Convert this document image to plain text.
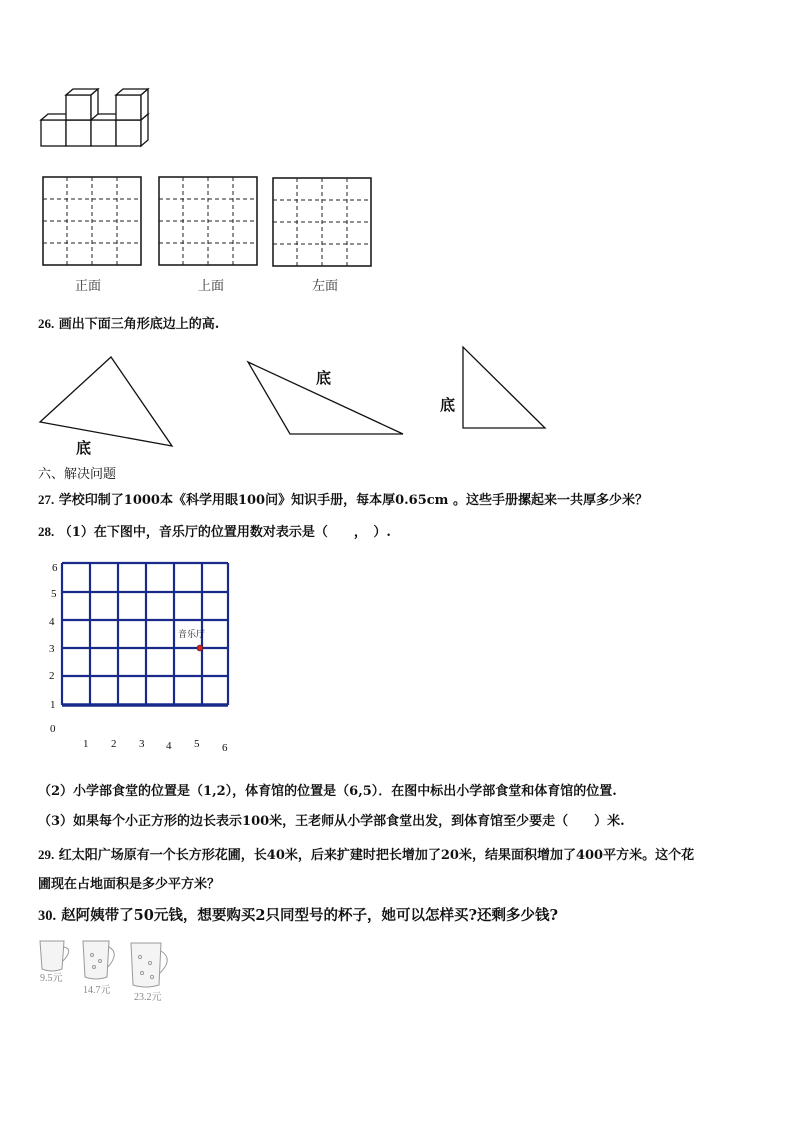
正面	上面	左面
26. 画出下面三角形底边上的高.
底
底
底
六、解决问题
27. 学校印制了1000本《科学用眼100问》知识手册，每本厚0.65cm 。这些手册摞起来一共厚多少米？
28. （1）在下图中，音乐厅的位置用数对表示是（　　，　）.
6
5
4
3
2
1
0
1 2 3 4 5 6
音乐厅
（2）小学部食堂的位置是（1,2），体育馆的位置是（6,5）．在图中标出小学部食堂和体育馆的位置.
（3）如果每个小正方形的边长表示100米，王老师从小学部食堂出发，到体育馆至少要走（　　）米.
29. 红太阳广场原有一个长方形花圃，长40米，后来扩建时把长增加了20米，结果面积增加了400平方米。这个花
圃现在占地面积是多少平方米？
30. 赵阿姨带了50元钱，想要购买2只同型号的杯子，她可以怎样买?还剩多少钱?
9.5元
14.7元
23.2元
